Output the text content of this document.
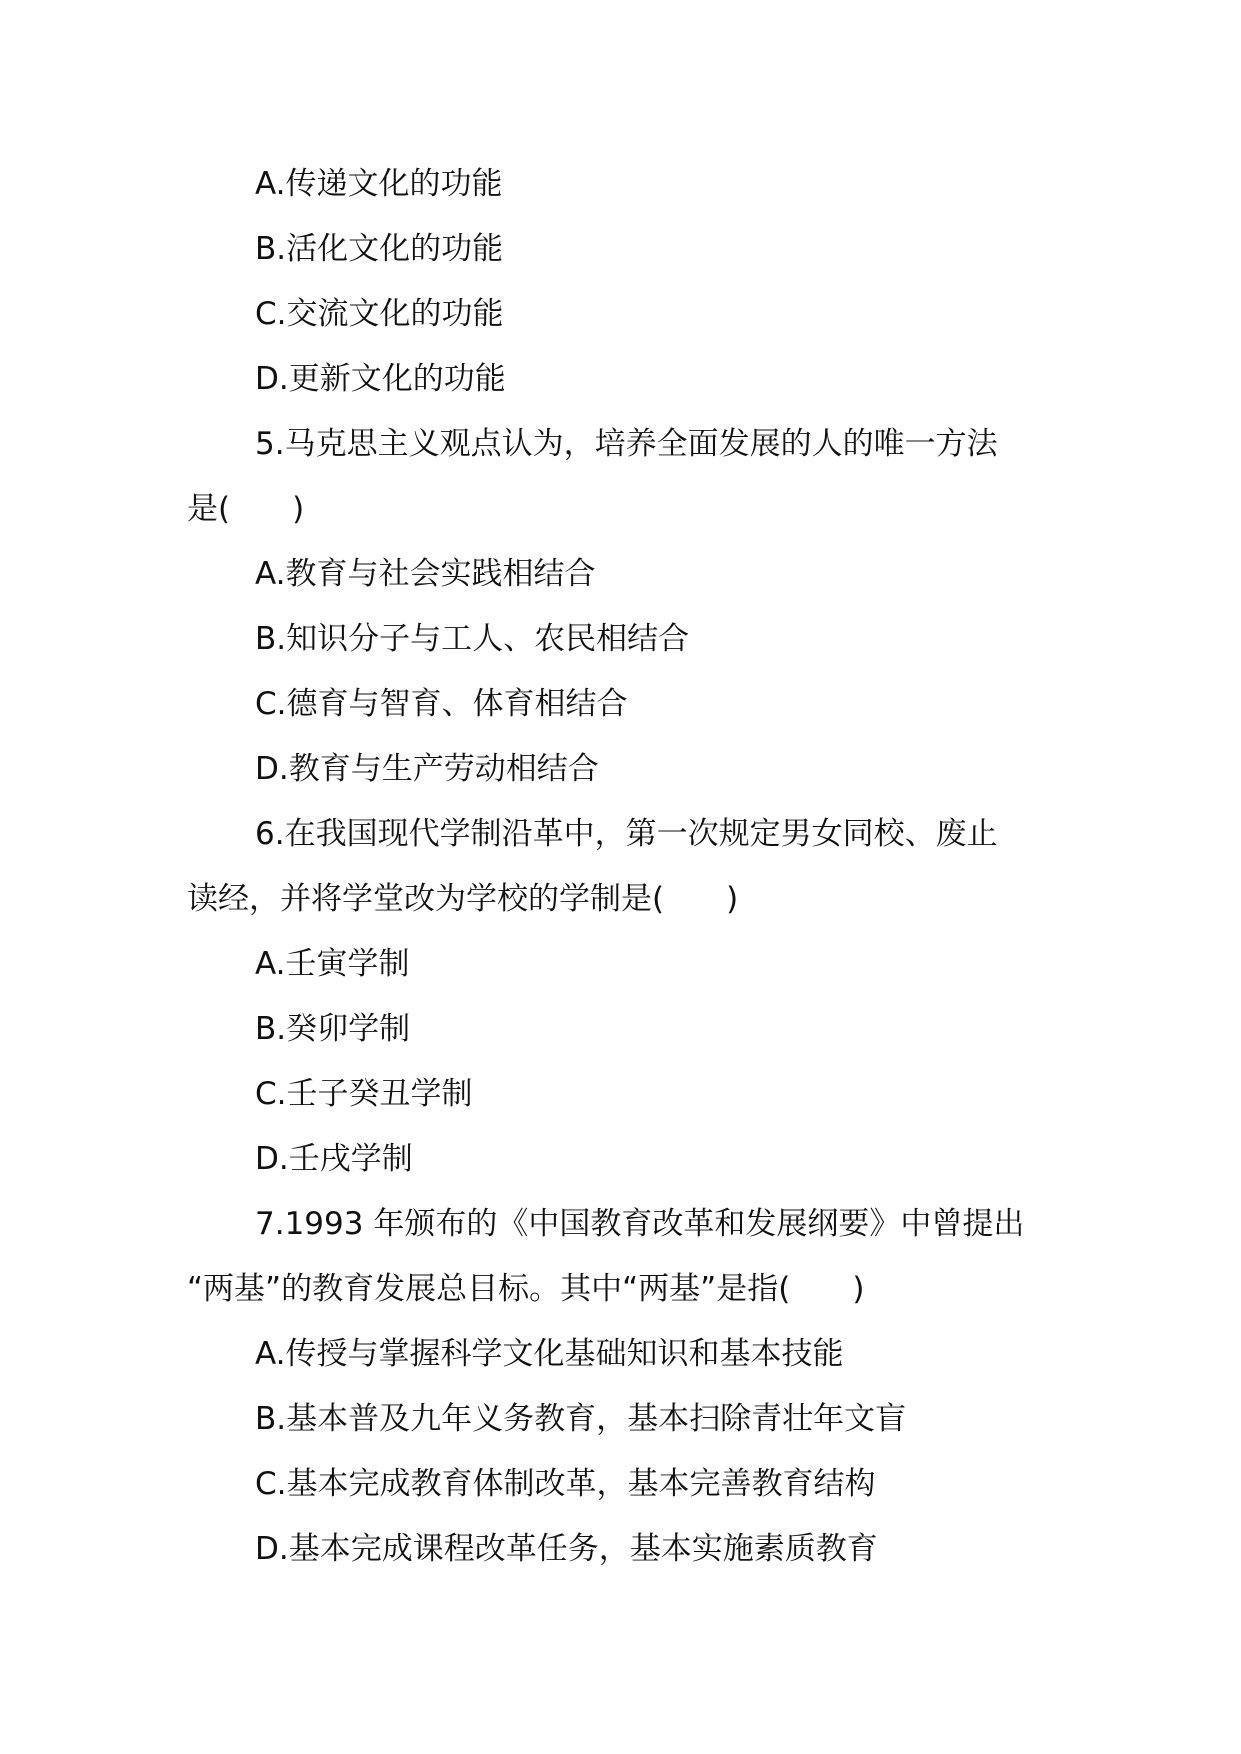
A.传递文化的功能
B.活化文化的功能
C.交流文化的功能
D.更新文化的功能
5.马克思主义观点认为，培养全面发展的人的唯一方法
是(　　)
A.教育与社会实践相结合
B.知识分子与工人、农民相结合
C.德育与智育、体育相结合
D.教育与生产劳动相结合
6.在我国现代学制沿革中，第一次规定男女同校、废止
读经，并将学堂改为学校的学制是(　　)
A.壬寅学制
B.癸卯学制
C.壬子癸丑学制
D.壬戌学制
7.1993 年颁布的《中国教育改革和发展纲要》中曾提出
“两基”的教育发展总目标。其中“两基”是指(　　)
A.传授与掌握科学文化基础知识和基本技能
B.基本普及九年义务教育，基本扫除青壮年文盲
C.基本完成教育体制改革，基本完善教育结构
D.基本完成课程改革任务，基本实施素质教育
